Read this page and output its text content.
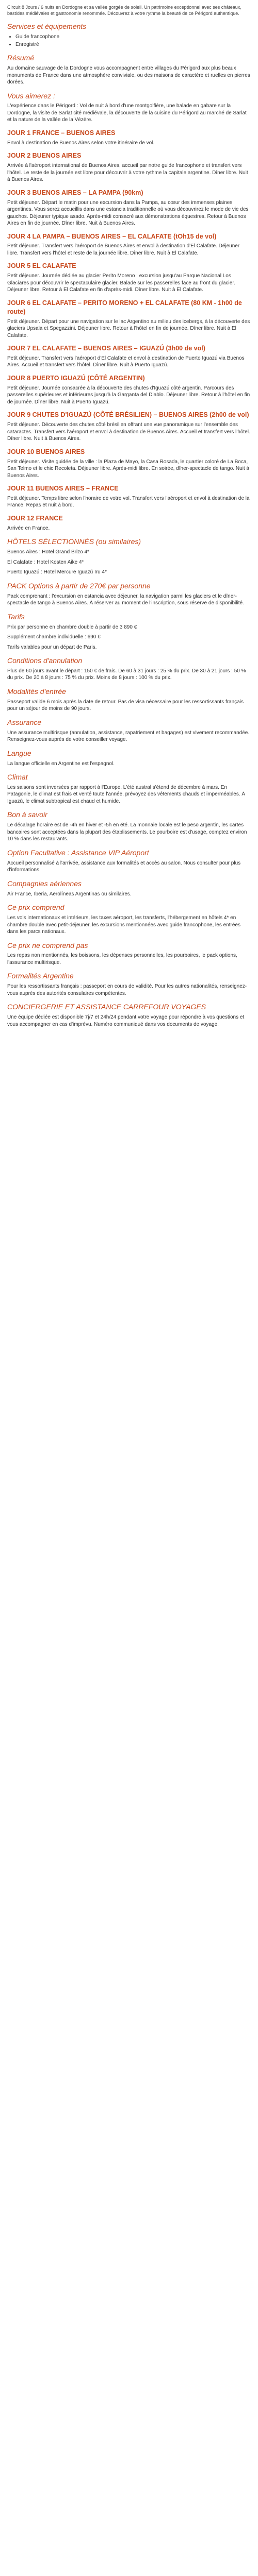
Circuit 8 Jours / 6 nuits en Dordogne et sa vallée gorgée de soleil. Un patrimoine exceptionnel avec ses châteaux, bastides médiévales et gastronomie renommée. Découvrez à votre rythme la beauté de ce Périgord authentique.

Services et équipements
• Guide francophone
• Enregistré
Résumé

Au domaine sauvage de la Dordogne vous accompagnent entre villages du Périgord aux plus beaux monuments de France dans une atmosphère conviviale, ou des maisons de caractère et ruelles en pierres dorées.

Vous aimerez :

L'expérience dans le Périgord : Vol de nuit à bord d'une montgolfière, une balade en gabare sur la Dordogne, la visite de Sarlat cité médiévale, la découverte de la cuisine du Périgord au marché de Sarlat et la nature de la vallée de la Vézère.

JOUR 1 FRANCE – BUENOS AIRES

Envol à destination de Buenos Aires selon votre itinéraire de vol.

JOUR 2 BUENOS AIRES

Arrivée à l'aéroport international de Buenos Aires, accueil par notre guide francophone et transfert vers l'hôtel. Le reste de la journée est libre pour découvrir à votre rythme la capitale argentine. Dîner libre. Nuit à Buenos Aires.

JOUR 3 BUENOS AIRES – LA PAMPA (90km)

Petit déjeuner. Départ le matin pour une excursion dans la Pampa, au cœur des immenses plaines argentines. Vous serez accueillis dans une estancia traditionnelle où vous découvrirez le mode de vie des gauchos. Déjeuner typique asado. Après-midi consacré aux démonstrations équestres. Retour à Buenos Aires en fin de journée. Dîner libre. Nuit à Buenos Aires.

JOUR 4 LA PAMPA – BUENOS AIRES – EL CALAFATE (tOh15 de vol)

Petit déjeuner. Transfert vers l'aéroport de Buenos Aires et envol à destination d'El Calafate. Déjeuner libre. Transfert vers l'hôtel et reste de la journée libre. Dîner libre. Nuit à El Calafate.

JOUR 5 EL CALAFATE

Petit déjeuner. Journée dédiée au glacier Perito Moreno : excursion jusqu'au Parque Nacional Los Glaciares pour découvrir le spectaculaire glacier. Balade sur les passerelles face au front du glacier. Déjeuner libre. Retour à El Calafate en fin d'après-midi. Dîner libre. Nuit à El Calafate.

JOUR 6 EL CALAFATE – PERITO MORENO + EL CALAFATE (80 KM - 1h00 de route)

Petit déjeuner. Départ pour une navigation sur le lac Argentino au milieu des icebergs, à la découverte des glaciers Upsala et Spegazzini. Déjeuner libre. Retour à l'hôtel en fin de journée. Dîner libre. Nuit à El Calafate.

JOUR 7 EL CALAFATE – BUENOS AIRES – IGUAZÚ (3h00 de vol)

Petit déjeuner. Transfert vers l'aéroport d'El Calafate et envol à destination de Puerto Iguazú via Buenos Aires. Accueil et transfert vers l'hôtel. Dîner libre. Nuit à Puerto Iguazú.

JOUR 8 PUERTO IGUAZÚ (CÔTÉ ARGENTIN)

Petit déjeuner. Journée consacrée à la découverte des chutes d'Iguazú côté argentin. Parcours des passerelles supérieures et inférieures jusqu'à la Garganta del Diablo. Déjeuner libre. Retour à l'hôtel en fin de journée. Dîner libre. Nuit à Puerto Iguazú.

JOUR 9 CHUTES D'IGUAZÚ (CÔTÉ BRÉSILIEN) – BUENOS AIRES (2h00 de vol)

Petit déjeuner. Découverte des chutes côté brésilien offrant une vue panoramique sur l'ensemble des cataractes. Transfert vers l'aéroport et envol à destination de Buenos Aires. Accueil et transfert vers l'hôtel. Dîner libre. Nuit à Buenos Aires.

JOUR 10 BUENOS AIRES

Petit déjeuner. Visite guidée de la ville : la Plaza de Mayo, la Casa Rosada, le quartier coloré de La Boca, San Telmo et le chic Recoleta. Déjeuner libre. Après-midi libre. En soirée, dîner-spectacle de tango. Nuit à Buenos Aires.

JOUR 11 BUENOS AIRES – FRANCE

Petit déjeuner. Temps libre selon l'horaire de votre vol. Transfert vers l'aéroport et envol à destination de la France. Repas et nuit à bord.

JOUR 12 FRANCE

Arrivée en France.

HÔTELS SÉLECTIONNÉS (ou similaires)

Buenos Aires : Hotel Grand Brizo 4*

El Calafate : Hotel Kosten Aike 4*

Puerto Iguazú : Hotel Mercure Iguazú Iru 4*

PACK Options à partir de 270€ par personne

Pack comprenant : l'excursion en estancia avec déjeuner, la navigation parmi les glaciers et le dîner-spectacle de tango à Buenos Aires. À réserver au moment de l'inscription, sous réserve de disponibilité.

Tarifs

Prix par personne en chambre double à partir de 3 890 €

Supplément chambre individuelle : 690 €

Tarifs valables pour un départ de Paris.

Conditions d'annulation

Plus de 60 jours avant le départ : 150 € de frais. De 60 à 31 jours : 25 % du prix. De 30 à 21 jours : 50 % du prix. De 20 à 8 jours : 75 % du prix. Moins de 8 jours : 100 % du prix.

Modalités d'entrée

Passeport valide 6 mois après la date de retour. Pas de visa nécessaire pour les ressortissants français pour un séjour de moins de 90 jours.

Assurance

Une assurance multirisque (annulation, assistance, rapatriement et bagages) est vivement recommandée. Renseignez-vous auprès de votre conseiller voyage.

Langue

La langue officielle en Argentine est l'espagnol.

Climat

Les saisons sont inversées par rapport à l'Europe. L'été austral s'étend de décembre à mars. En Patagonie, le climat est frais et venté toute l'année, prévoyez des vêtements chauds et imperméables. À Iguazú, le climat subtropical est chaud et humide.

Bon à savoir

Le décalage horaire est de -4h en hiver et -5h en été. La monnaie locale est le peso argentin, les cartes bancaires sont acceptées dans la plupart des établissements. Le pourboire est d'usage, comptez environ 10 % dans les restaurants.

Option Facultative : Assistance VIP Aéroport

Accueil personnalisé à l'arrivée, assistance aux formalités et accès au salon. Nous consulter pour plus d'informations.

Compagnies aériennes

Air France, Iberia, Aerolíneas Argentinas ou similaires.

Ce prix comprend

Les vols internationaux et intérieurs, les taxes aéroport, les transferts, l'hébergement en hôtels 4* en chambre double avec petit-déjeuner, les excursions mentionnées avec guide francophone, les entrées dans les parcs nationaux.

Ce prix ne comprend pas

Les repas non mentionnés, les boissons, les dépenses personnelles, les pourboires, le pack options, l'assurance multirisque.

Formalités Argentine

Pour les ressortissants français : passeport en cours de validité. Pour les autres nationalités, renseignez-vous auprès des autorités consulaires compétentes.

CONCIERGERIE ET ASSISTANCE CARREFOUR VOYAGES

Une équipe dédiée est disponible 7j/7 et 24h/24 pendant votre voyage pour répondre à vos questions et vous accompagner en cas d'imprévu. Numéro communiqué dans vos documents de voyage.
